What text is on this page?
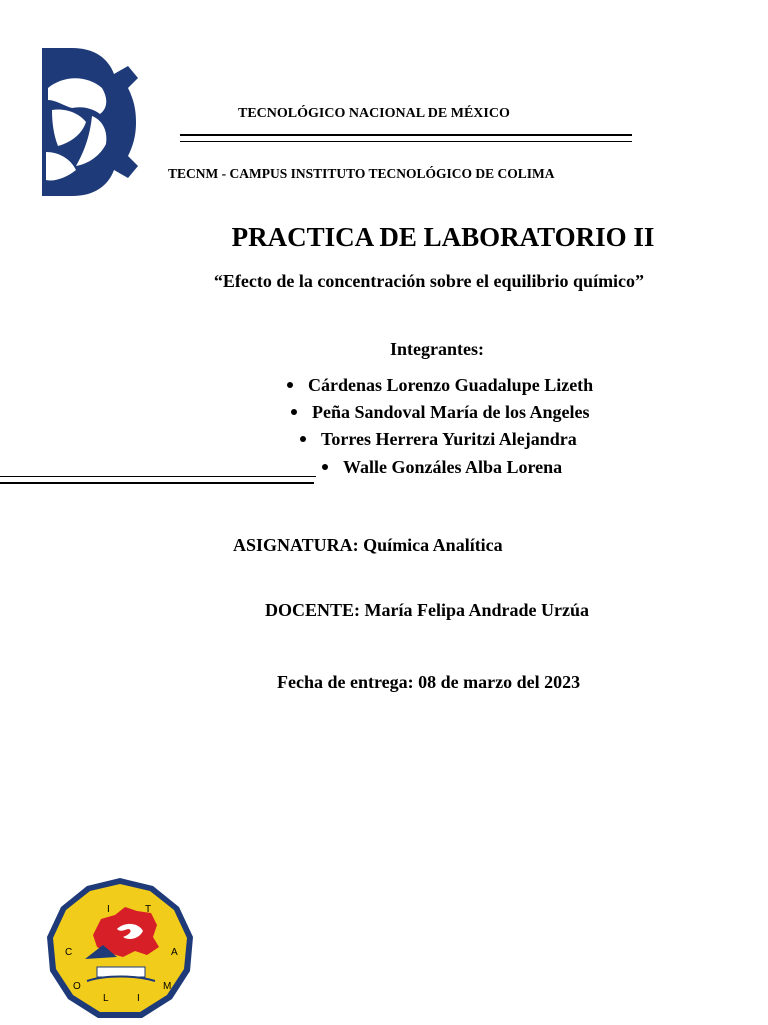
TECNOLÓGICO NACIONAL DE MÉXICO
TECNM - CAMPUS INSTITUTO TECNOLÓGICO DE COLIMA
PRACTICA DE LABORATORIO II
“Efecto de la concentración sobre el equilibrio químico”
Integrantes:
Cárdenas Lorenzo Guadalupe Lizeth
Peña Sandoval María de los Angeles
Torres Herrera Yuritzi Alejandra
Walle Gonzáles Alba Lorena
ASIGNATURA: Química Analítica
DOCENTE: María Felipa Andrade Urzúa
Fecha de entrega: 08 de marzo del 2023
I	T
C	A
O	M
L	I
